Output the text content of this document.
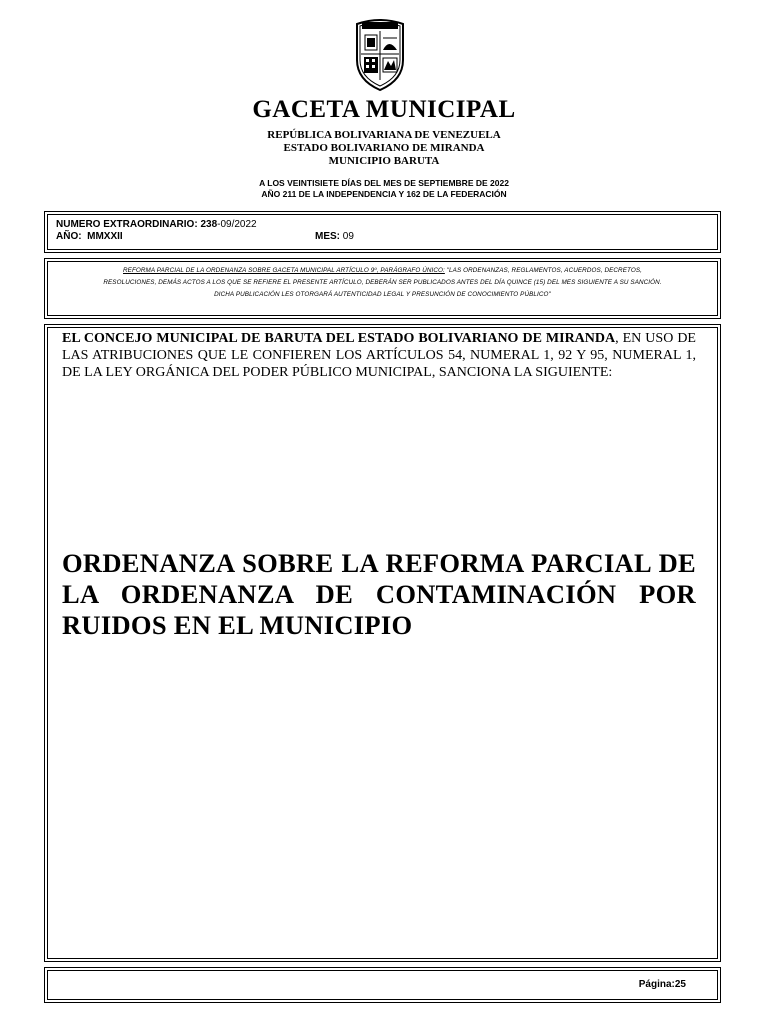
GACETA MUNICIPAL
REPÚBLICA BOLIVARIANA DE VENEZUELA
ESTADO BOLIVARIANO DE MIRANDA
MUNICIPIO BARUTA
A LOS VEINTISIETE DÍAS DEL MES DE SEPTIEMBRE DE 2022
AÑO 211 DE LA INDEPENDENCIA Y 162 DE LA FEDERACIÓN
NUMERO EXTRAORDINARIO: 238-09/2022
AÑO: MMXXII	MES: 09
REFORMA PARCIAL DE LA ORDENANZA SOBRE GACETA MUNICIPAL ARTÍCULO 9º, PARÁGRAFO ÚNICO: "LAS ORDENANZAS, REGLAMENTOS, ACUERDOS, DECRETOS,
RESOLUCIONES, DEMÁS ACTOS A LOS QUE SE REFIERE EL PRESENTE ARTÍCULO, DEBERÁN SER PUBLICADOS ANTES DEL DÍA QUINCE (15) DEL MES SIGUIENTE A SU SANCIÓN.
DICHA PUBLICACIÓN LES OTORGARÁ AUTENTICIDAD LEGAL Y PRESUNCIÓN DE CONOCIMIENTO PÚBLICO"
EL CONCEJO MUNICIPAL DE BARUTA DEL ESTADO BOLIVARIANO DE MIRANDA, EN USO DE LAS ATRIBUCIONES QUE LE CONFIEREN LOS ARTÍCULOS 54, NUMERAL 1, 92 Y 95, NUMERAL 1, DE LA LEY ORGÁNICA DEL PODER PÚBLICO MUNICIPAL, SANCIONA LA SIGUIENTE:
ORDENANZA SOBRE LA REFORMA PARCIAL DE LA ORDENANZA DE CONTAMINACIÓN POR RUIDOS EN EL MUNICIPIO
Página:25
